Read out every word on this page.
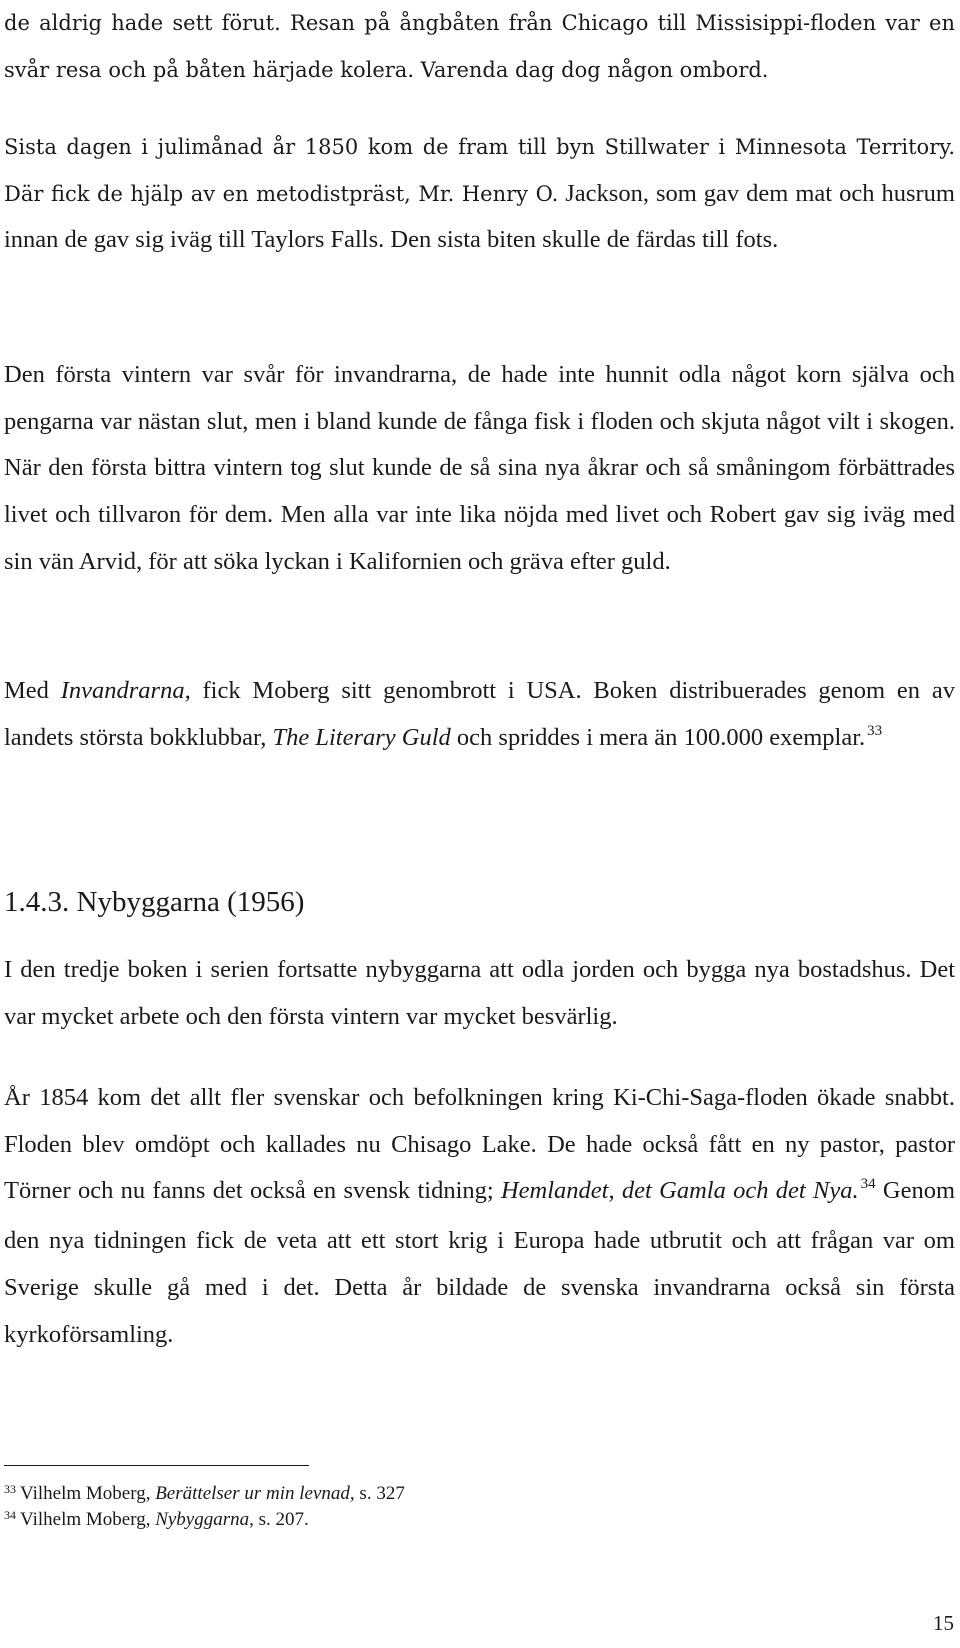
de aldrig hade sett förut. Resan på ångbåten från Chicago till Missisippi-floden var en svår resa och på båten härjade kolera. Varenda dag dog någon ombord.

Sista dagen i julimånad år 1850 kom de fram till byn Stillwater i Minnesota Territory. Där fick de hjälp av en metodistpräst, Mr. Henry O. Jackson, som gav dem mat och husrum innan de gav sig iväg till Taylors Falls. Den sista biten skulle de färdas till fots.

Den första vintern var svår för invandrarna, de hade inte hunnit odla något korn själva och pengarna var nästan slut, men i bland kunde de fånga fisk i floden och skjuta något vilt i skogen. När den första bittra vintern tog slut kunde de så sina nya åkrar och så småningom förbättrades livet och tillvaron för dem. Men alla var inte lika nöjda med livet och Robert gav sig iväg med sin vän Arvid, för att söka lyckan i Kalifornien och gräva efter guld.

Med Invandrarna, fick Moberg sitt genombrott i USA. Boken distribuerades genom en av landets största bokklubbar, The Literary Guld och spriddes i mera än 100.000 exemplar. $^{33}$

1.4.3. Nybyggarna (1956)

I den tredje boken i serien fortsatte nybyggarna att odla jorden och bygga nya bostadshus. Det var mycket arbete och den första vintern var mycket besvärlig.

År 1854 kom det allt fler svenskar och befolkningen kring Ki-Chi-Saga-floden ökade snabbt. Floden blev omdöpt och kallades nu Chisago Lake. De hade också fått en ny pastor, pastor Törner och nu fanns det också en svensk tidning; Hemlandet, det Gamla och det Nya. $^{34}$ Genom den nya tidningen fick de veta att ett stort krig i Europa hade utbrutit och att frågan var om Sverige skulle gå med i det. Detta år bildade de svenska invandrarna också sin första kyrkoförsamling.

$^{33}$ Vilhelm Moberg, Berättelser ur min levnad, s. 327

$^{34}$ Vilhelm Moberg, Nybyggarna, s. 207.

15
